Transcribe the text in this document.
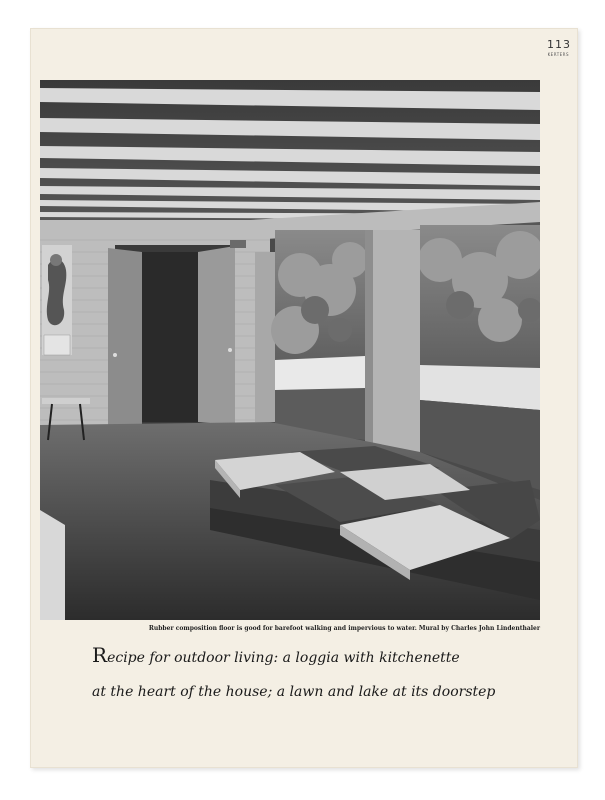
113
KERTERS
Rubber composition floor is good for barefoot walking and impervious to water. Mural by Charles John Lindenthaler
Recipe for outdoor living: a loggia with kitchenette
at the heart of the house; a lawn and lake at its doorstep
